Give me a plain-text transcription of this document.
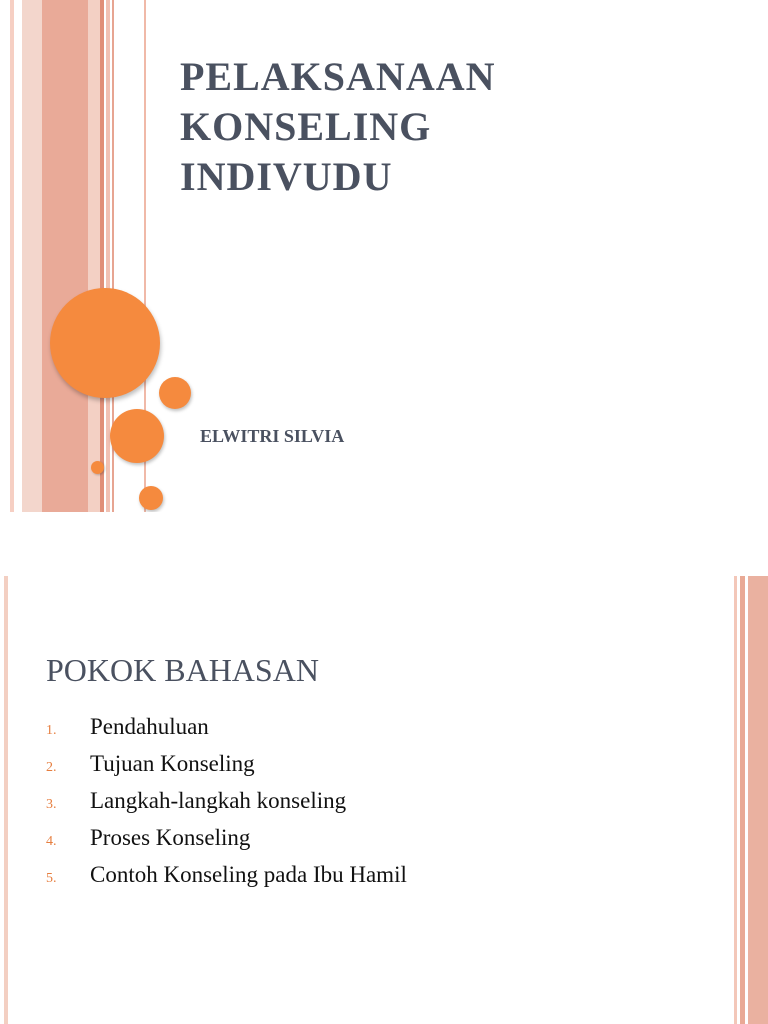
PELAKSANAAN
KONSELING
INDIVUDU
ELWITRI SILVIA
POKOK BAHASAN
1.	Pendahuluan
2.	Tujuan Konseling
3.	Langkah-langkah konseling
4.	Proses Konseling
5.	Contoh Konseling pada Ibu Hamil
